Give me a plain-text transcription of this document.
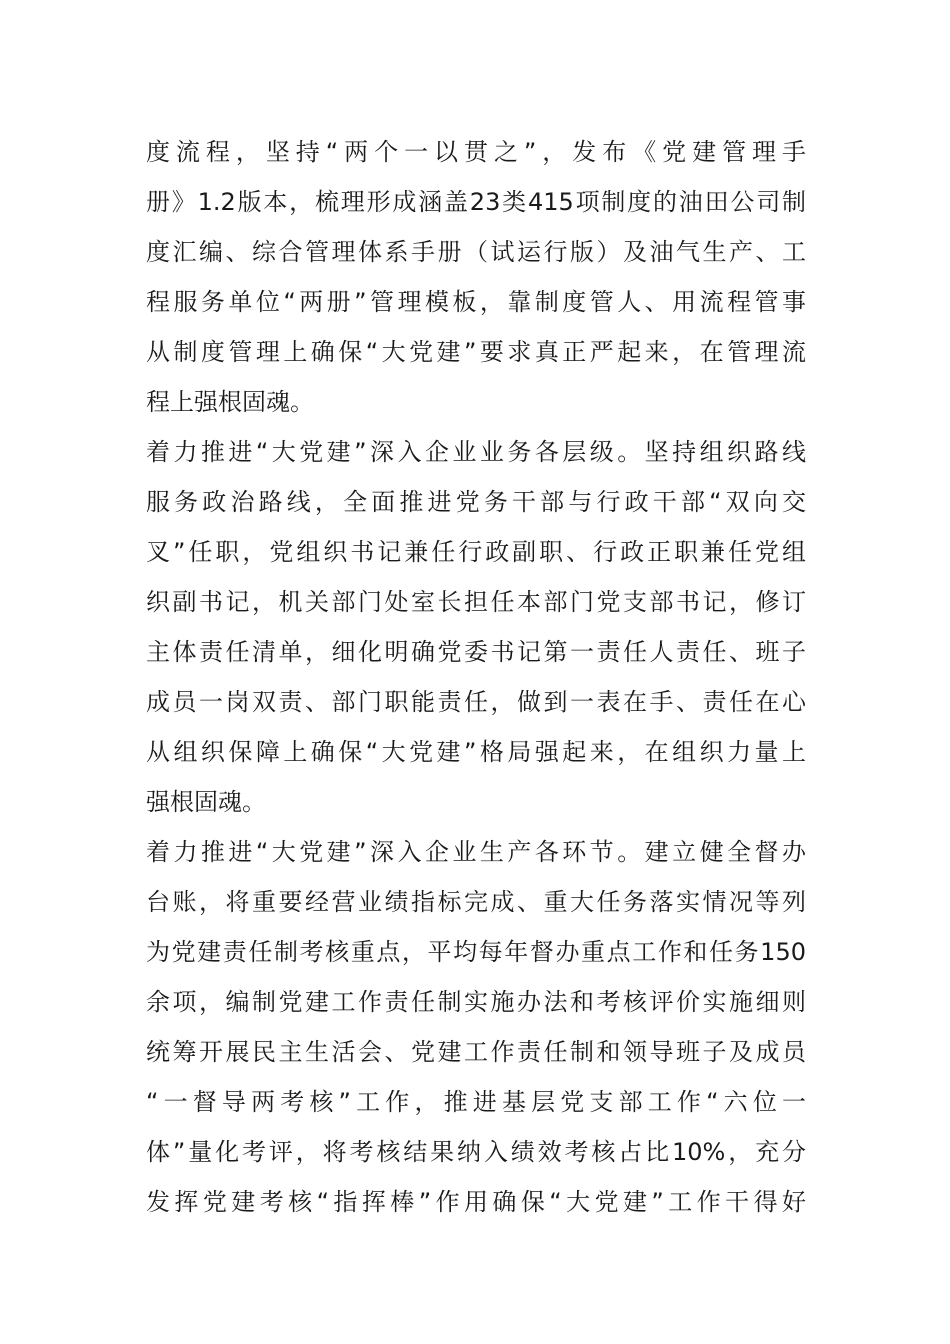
度流程，坚持“两个一以贯之”，发布《党建管理手
册》1.2版本，梳理形成涵盖23类415项制度的油田公司制
度汇编、综合管理体系手册（试运行版）及油气生产、工
程服务单位“两册”管理模板，靠制度管人、用流程管事
从制度管理上确保“大党建”要求真正严起来，在管理流
程上强根固魂。
着力推进“大党建”深入企业业务各层级。坚持组织路线
服务政治路线，全面推进党务干部与行政干部“双向交
叉”任职，党组织书记兼任行政副职、行政正职兼任党组
织副书记，机关部门处室长担任本部门党支部书记，修订
主体责任清单，细化明确党委书记第一责任人责任、班子
成员一岗双责、部门职能责任，做到一表在手、责任在心
从组织保障上确保“大党建”格局强起来，在组织力量上
强根固魂。
着力推进“大党建”深入企业生产各环节。建立健全督办
台账，将重要经营业绩指标完成、重大任务落实情况等列
为党建责任制考核重点，平均每年督办重点工作和任务150
余项，编制党建工作责任制实施办法和考核评价实施细则
统筹开展民主生活会、党建工作责任制和领导班子及成员
“一督导两考核”工作，推进基层党支部工作“六位一
体”量化考评，将考核结果纳入绩效考核占比10%，充分
发挥党建考核“指挥棒”作用确保“大党建”工作干得好
